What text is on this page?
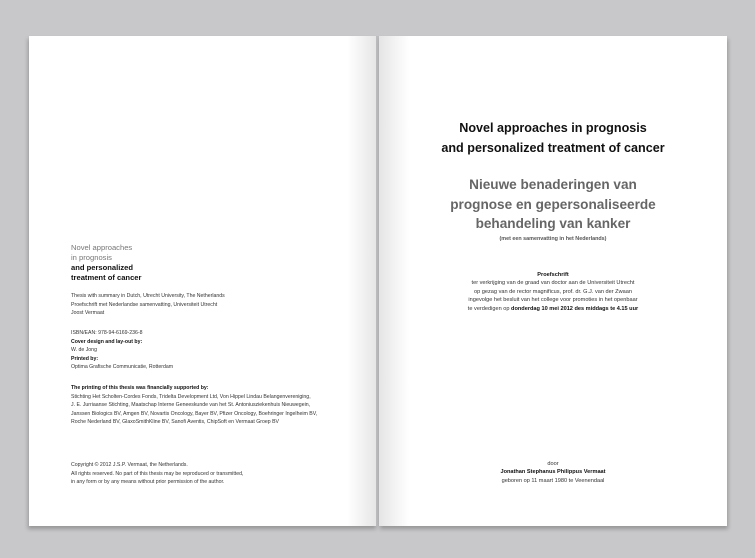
Novel approaches
in prognosis
and personalized
treatment of cancer
Thesis with summary in Dutch, Utrecht University, The Netherlands
Proefschrift met Nederlandse samenvatting, Universiteit Utrecht
Joost Vermaat
ISBN/EAN: 978-94-6169-236-8
Cover design and lay-out by:
W. de Jong
Printed by:
Optima Grafische Communicatie, Rotterdam
The printing of this thesis was financially supported by:
Stichting Het Scholten-Cordes Fonds, Tridelta Development Ltd, Von Hippel Lindau Belangenvereniging,
J. E. Jurriaanse Stichting, Maatschap Interne Geneeskunde van het St. Antoniusziekenhuis Nieuwegein,
Janssen Biologics BV, Amgen BV, Novartis Oncology, Bayer BV, Pfizer Oncology, Boehringer Ingelheim BV,
Roche Nederland BV, GlaxoSmithKline BV, Sanofi Aventis, ChipSoft en Vermaat Groep BV
Copyright © 2012 J.S.P. Vermaat, the Netherlands.
All rights reserved. No part of this thesis may be reproduced or transmitted,
in any form or by any means without prior permission of the author.
Novel approaches in prognosis
and personalized treatment of cancer
Nieuwe benaderingen van
prognose en gepersonaliseerde
behandeling van kanker
(met een samenvatting in het Nederlands)
Proefschrift
ter verkrijging van de graad van doctor aan de Universiteit Utrecht
op gezag van de rector magnificus, prof. dr. G.J. van der Zwaan
ingevolge het besluit van het college voor promoties in het openbaar
te verdedigen op donderdag 10 mei 2012 des middags te 4.15 uur
door
Jonathan Stephanus Philippus Vermaat
geboren op 11 maart 1980 te Veenendaal
